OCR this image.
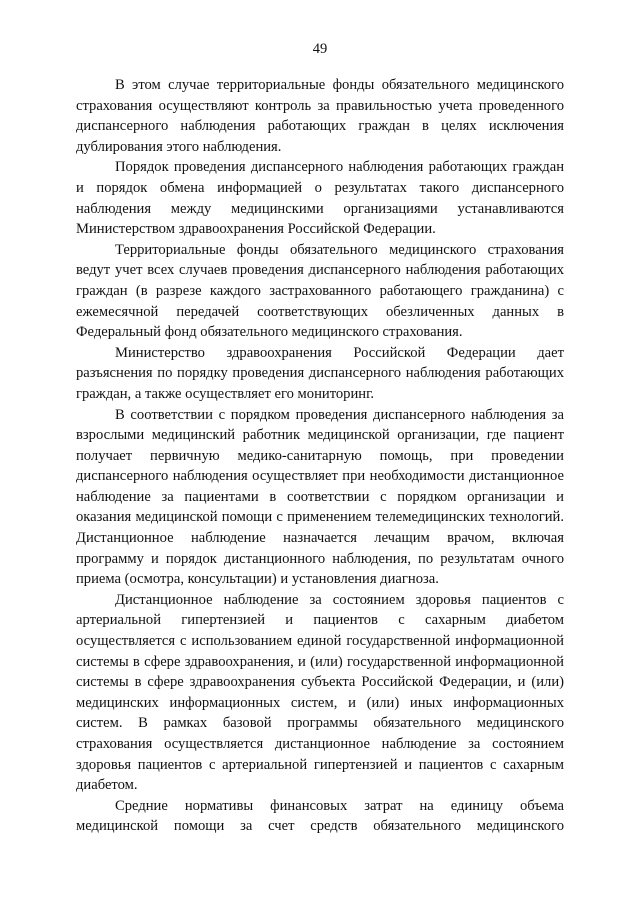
49

В этом случае территориальные фонды обязательного медицинского страхования осуществляют контроль за правильностью учета проведенного диспансерного наблюдения работающих граждан в целях исключения дублирования этого наблюдения.

Порядок проведения диспансерного наблюдения работающих граждан и порядок обмена информацией о результатах такого диспансерного наблюдения между медицинскими организациями устанавливаются Министерством здравоохранения Российской Федерации.

Территориальные фонды обязательного медицинского страхования ведут учет всех случаев проведения диспансерного наблюдения работающих граждан (в разрезе каждого застрахованного работающего гражданина) с ежемесячной передачей соответствующих обезличенных данных в Федеральный фонд обязательного медицинского страхования.

Министерство здравоохранения Российской Федерации дает разъяснения по порядку проведения диспансерного наблюдения работающих граждан, а также осуществляет его мониторинг.

В соответствии с порядком проведения диспансерного наблюдения за взрослыми медицинский работник медицинской организации, где пациент получает первичную медико-санитарную помощь, при проведении диспансерного наблюдения осуществляет при необходимости дистанционное наблюдение за пациентами в соответствии с порядком организации и оказания медицинской помощи с применением телемедицинских технологий. Дистанционное наблюдение назначается лечащим врачом, включая программу и порядок дистанционного наблюдения, по результатам очного приема (осмотра, консультации) и установления диагноза.

Дистанционное наблюдение за состоянием здоровья пациентов с артериальной гипертензией и пациентов с сахарным диабетом осуществляется с использованием единой государственной информационной системы в сфере здравоохранения, и (или) государственной информационной системы в сфере здравоохранения субъекта Российской Федерации, и (или) медицинских информационных систем, и (или) иных информационных систем. В рамках базовой программы обязательного медицинского страхования осуществляется дистанционное наблюдение за состоянием здоровья пациентов с артериальной гипертензией и пациентов с сахарным диабетом.

Средние нормативы финансовых затрат на единицу объема медицинской помощи за счет средств обязательного медицинского
